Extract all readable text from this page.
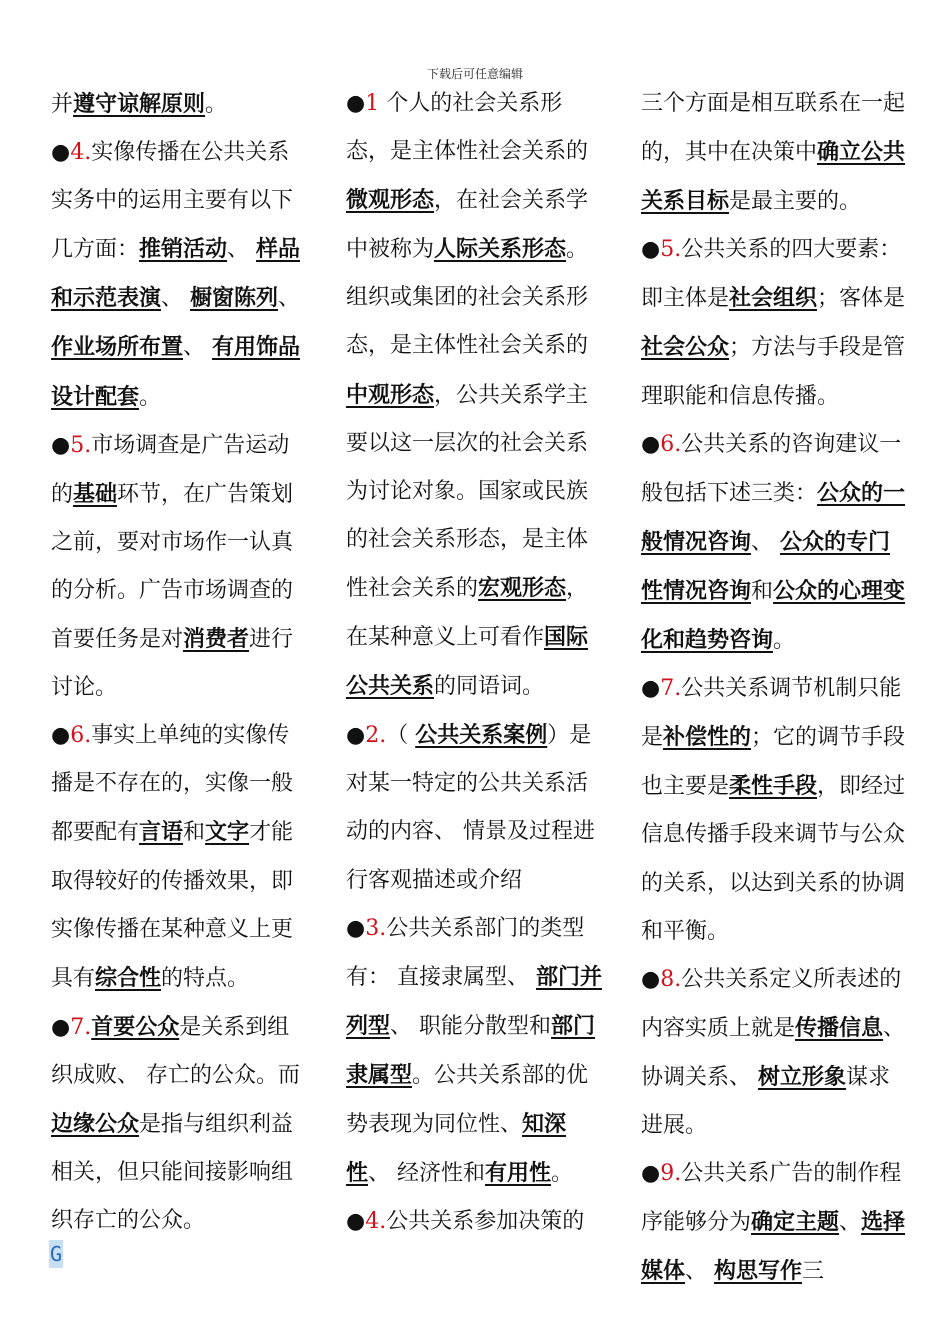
下载后可任意编辑

并遵守谅解原则。

●4.实像传播在公共关系实务中的运用主要有以下几方面：推销活动、 样品和示范表演、 橱窗陈列、 作业场所布置、 有用饰品设计配套。

●5.市场调查是广告运动的基础环节，在广告策划之前，要对市场作一认真的分析。广告市场调查的首要任务是对消费者进行讨论。

●6.事实上单纯的实像传播是不存在的，实像一般都要配有言语和文字才能取得较好的传播效果，即实像传播在某种意义上更具有综合性的特点。

●7.首要公众是关系到组织成败、 存亡的公众。而边缘公众是指与组织利益相关，但只能间接影响组织存亡的公众。

●1 个人的社会关系形态，是主体性社会关系的微观形态，在社会关系学中被称为人际关系形态。组织或集团的社会关系形态，是主体性社会关系的中观形态，公共关系学主要以这一层次的社会关系为讨论对象。国家或民族的社会关系形态，是主体性社会关系的宏观形态，在某种意义上可看作国际公共关系的同语词。

●2.（ 公共关系案例）是对某一特定的公共关系活动的内容、 情景及过程进行客观描述或介绍

●3.公共关系部门的类型有： 直接隶属型、 部门并列型、 职能分散型和部门隶属型。公共关系部的优势表现为同位性、知深性、 经济性和有用性。

●4.公共关系参加决策的

三个方面是相互联系在一起的，其中在决策中确立公共关系目标是最主要的。

●5.公共关系的四大要素： 即主体是社会组织；客体是社会公众；方法与手段是管理职能和信息传播。

●6.公共关系的咨询建议一般包括下述三类：公众的一般情况咨询、 公众的专门性情况咨询和公众的心理变化和趋势咨询。

●7.公共关系调节机制只能是补偿性的；它的调节手段也主要是柔性手段，即经过信息传播手段来调节与公众的关系，以达到关系的协调和平衡。

●8.公共关系定义所表述的内容实质上就是传播信息、 协调关系、 树立形象谋求进展。

●9.公共关系广告的制作程序能够分为确定主题、选择媒体、 构思写作三

G
